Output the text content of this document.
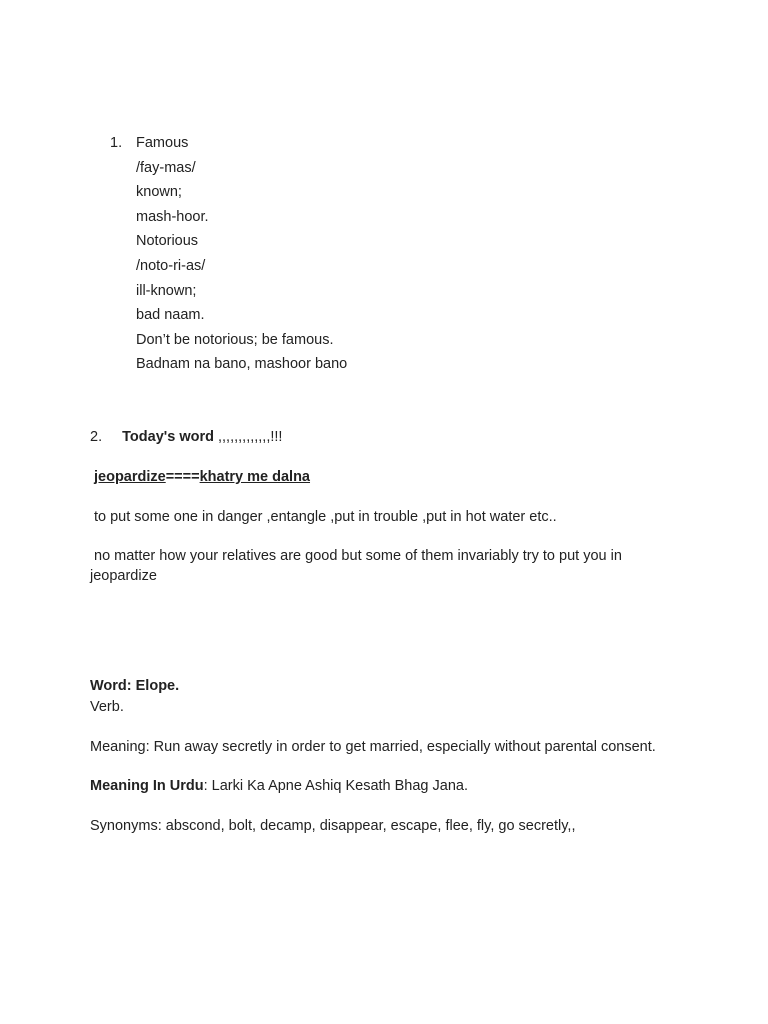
1. Famous
/fay-mas/
known;
mash-hoor.
Notorious
/noto-ri-as/
ill-known;
bad naam.
Don’t be notorious; be famous.
Badnam na bano, mashoor bano
2. Today's word ,,,,,,,,,,,,,!!!
jeopardize====khatry me dalna
to put some one in danger ,entangle ,put in trouble ,put in hot water etc..
no matter how your relatives are good but some of them invariably try to put you in jeopardize
Word: Elope.
Verb.
Meaning: Run away secretly in order to get married, especially without parental consent.
Meaning In Urdu: Larki Ka Apne Ashiq Kesath Bhag Jana.
Synonyms: abscond, bolt, decamp, disappear, escape, flee, fly, go secretly,,
